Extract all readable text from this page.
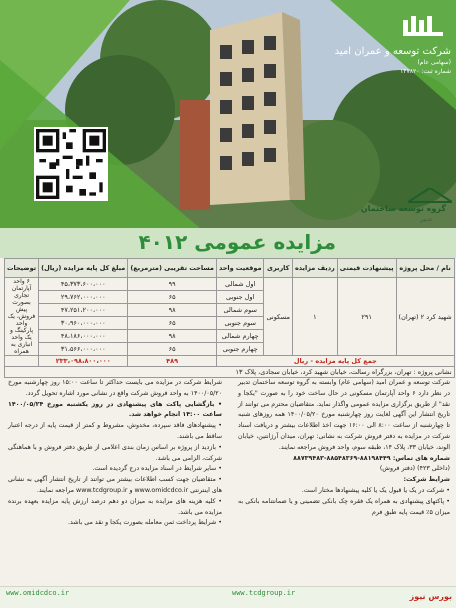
شرکت توسعه و عمران امید
(سهامی عام)
شماره ثبت: ۱۴۷۸۲۰
گروه توسعه ساختمان
تدبیر
مزایده عمومی ۴۰۱۲
نام / محل پروژه	پیشنهادت قیمتی	ردیف مزایده	کاربری	موقعیت واحد	مساحت تقریبی (مترمربع)	مبلغ کل پایه مزایده (ریال)	توضیحات
شهید کرد ۲ (تهران)	۲۹۱	۱	مسکونی	اول شمالی	۹۹	۴۵،۳۷۳،۶۰۰،۰۰۰	۶ واحد آپارتمان تجاری بصورت پیش فروش، یک واحد پارکینگ و یک واحد انباری به همراه
				اول جنوبی	۶۵	۲۹،۷۶۲،۰۰۰،۰۰۰	
				سوم شمالی	۹۸	۴۷،۲۵۱،۲۰۰،۰۰۰	
				سوم جنوبی	۶۵	۳۰،۹۶۰،۰۰۰،۰۰۰	
				چهارم شمالی	۹۸	۴۸،۱۸۶،۰۰۰،۰۰۰	
				چهارم جنوبی	۶۵	۳۱،۵۶۶،۰۰۰،۰۰۰	
جمع کل پایه مزایده - ریال					۴۸۹	۲۳۳،۰۹۸،۸۰۰،۰۰۰	
نشانی پروژه : تهران، بزرگراه رسالت، خیابان شهید کرد، خیابان سجادی، پلاک ۱۳							
شرکت توسعه و عمران امید (سهامی عام) وابسته به گروه توسعه ساختمان تدبیر در نظر دارد ۶ واحد آپارتمان مسکونی در حال ساخت خود را به صورت "یکجا و نقد" از طریق برگزاری مزایده عمومی واگذار نماید. متقاضیان محترم می توانند از تاریخ انتشار این آگهی لغایت روز چهارشنبه مورخ ۱۴۰۰/۰۵/۲۰ همه روزهای شنبه تا چهارشنبه از ساعت ۸:۰۰ الی ۱۶:۰۰ جهت اخذ اطلاعات بیشتر و دریافت اسناد شرکت در مزایده به دفتر فروش شرکت به نشانی: تهران، میدان آرژانتین، خیابان الوند، خیابان ۳۳، پلاک ۱۴، طبقه سوم، واحد فروش مراجعه نمایند.
شماره های تماس: ۸۸۱۹۸۴۴۹-۸۸۵۴۸۳۶۹-۸۸۷۳۹۴۸۳
(داخلی ۴۲۳) (دفتر فروش)
شرایط شرکت:
• شرکت در یک یا قبول یک یا کلیه پیشنهادها مختار است.
• پاکتهای پیشنهادی به همراه یک فقره چک بانکی تضمینی و یا ضمانتنامه بانکی به میزان ۵٪ قیمت پایه طبق فرم
شرایط شرکت در مزایده می بایست حداکثر تا ساعت ۱۵:۰۰ روز چهارشنبه مورخ ۱۴۰۰/۰۵/۲۰ به واحد فروش شرکت واقع در نشانی مورد اشاره تحویل گردد.
• بازگشایی پاکت های پیشنهادی در روز یکشنبه مورخ ۱۴۰۰/۰۵/۲۴ ساعت ۱۴:۰۰ انجام خواهد شد.
• پیشنهادهای فاقد سپرده، مخدوش، مشروط و کمتر از قیمت پایه از درجه اعتبار ساقط می باشند.
• بازدید از پروژه بر اساس زمان بندی اعلامی از طریق دفتر فروش و با هماهنگی شرکت، الزامی می باشد.
• سایر شرایط در اسناد مزایده درج گردیده است.
• متقاضیان جهت کسب اطلاعات بیشتر می توانند از تاریخ انتشار آگهی به نشانی های اینترنتی www.omidcdco.ir و www.tcdgroup.ir مراجعه نمایند.
• کلیه هزینه های مزایده به میزان دو دهم درصد ارزش پایه مزایده بعهده برنده مزایده می باشد.
• شرایط پرداخت ثمن معامله بصورت یکجا و نقد می باشد.
www.omidcdco.ir	www.tcdgroup.ir	بورس نیوز
